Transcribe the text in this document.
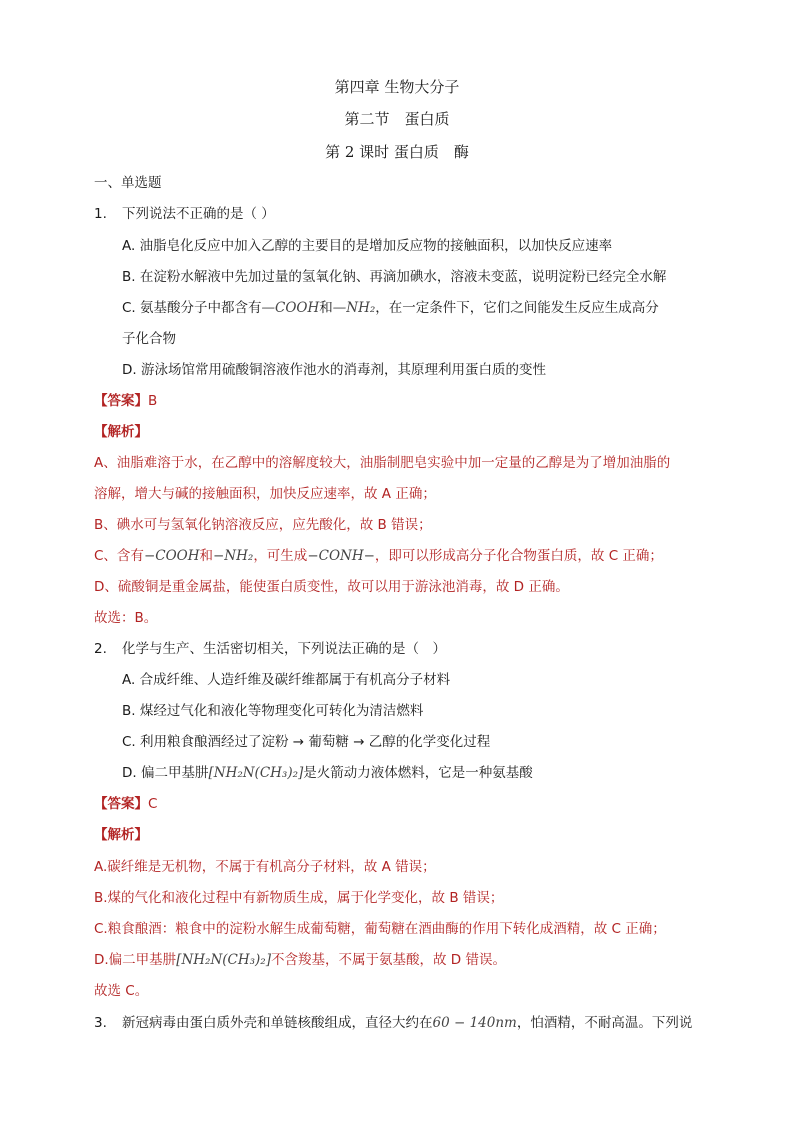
第四章 生物大分子
第二节　蛋白质
第 2 课时 蛋白质　酶
一、单选题
1. 下列说法不正确的是（ ）
A. 油脂皂化反应中加入乙醇的主要目的是增加反应物的接触面积，以加快反应速率
B. 在淀粉水解液中先加过量的氢氧化钠、再滴加碘水，溶液未变蓝，说明淀粉已经完全水解
C. 氨基酸分子中都含有—COOH和—NH₂，在一定条件下，它们之间能发生反应生成高分
子化合物
D. 游泳场馆常用硫酸铜溶液作池水的消毒剂，其原理利用蛋白质的变性
【答案】B
【解析】
A、油脂难溶于水，在乙醇中的溶解度较大，油脂制肥皂实验中加一定量的乙醇是为了增加油脂的
溶解，增大与碱的接触面积，加快反应速率，故 A 正确；
B、碘水可与氢氧化钠溶液反应，应先酸化，故 B 错误；
C、含有−COOH和−NH₂，可生成−CONH−，即可以形成高分子化合物蛋白质，故 C 正确；
D、硫酸铜是重金属盐，能使蛋白质变性，故可以用于游泳池消毒，故 D 正确。
故选：B。
2. 化学与生产、生活密切相关，下列说法正确的是（　）
A. 合成纤维、人造纤维及碳纤维都属于有机高分子材料
B. 煤经过气化和液化等物理变化可转化为清洁燃料
C. 利用粮食酿酒经过了淀粉 → 葡萄糖 → 乙醇的化学变化过程
D. 偏二甲基肼[NH₂N(CH₃)₂]是火箭动力液体燃料，它是一种氨基酸
【答案】C
【解析】
A.碳纤维是无机物，不属于有机高分子材料，故 A 错误；
B.煤的气化和液化过程中有新物质生成，属于化学变化，故 B 错误；
C.粮食酿酒：粮食中的淀粉水解生成葡萄糖，葡萄糖在酒曲酶的作用下转化成酒精，故 C 正确；
D.偏二甲基肼[NH₂N(CH₃)₂]不含羧基，不属于氨基酸，故 D 错误。
故选 C。
3. 新冠病毒由蛋白质外壳和单链核酸组成，直径大约在60 − 140nm，怕酒精，不耐高温。下列说
